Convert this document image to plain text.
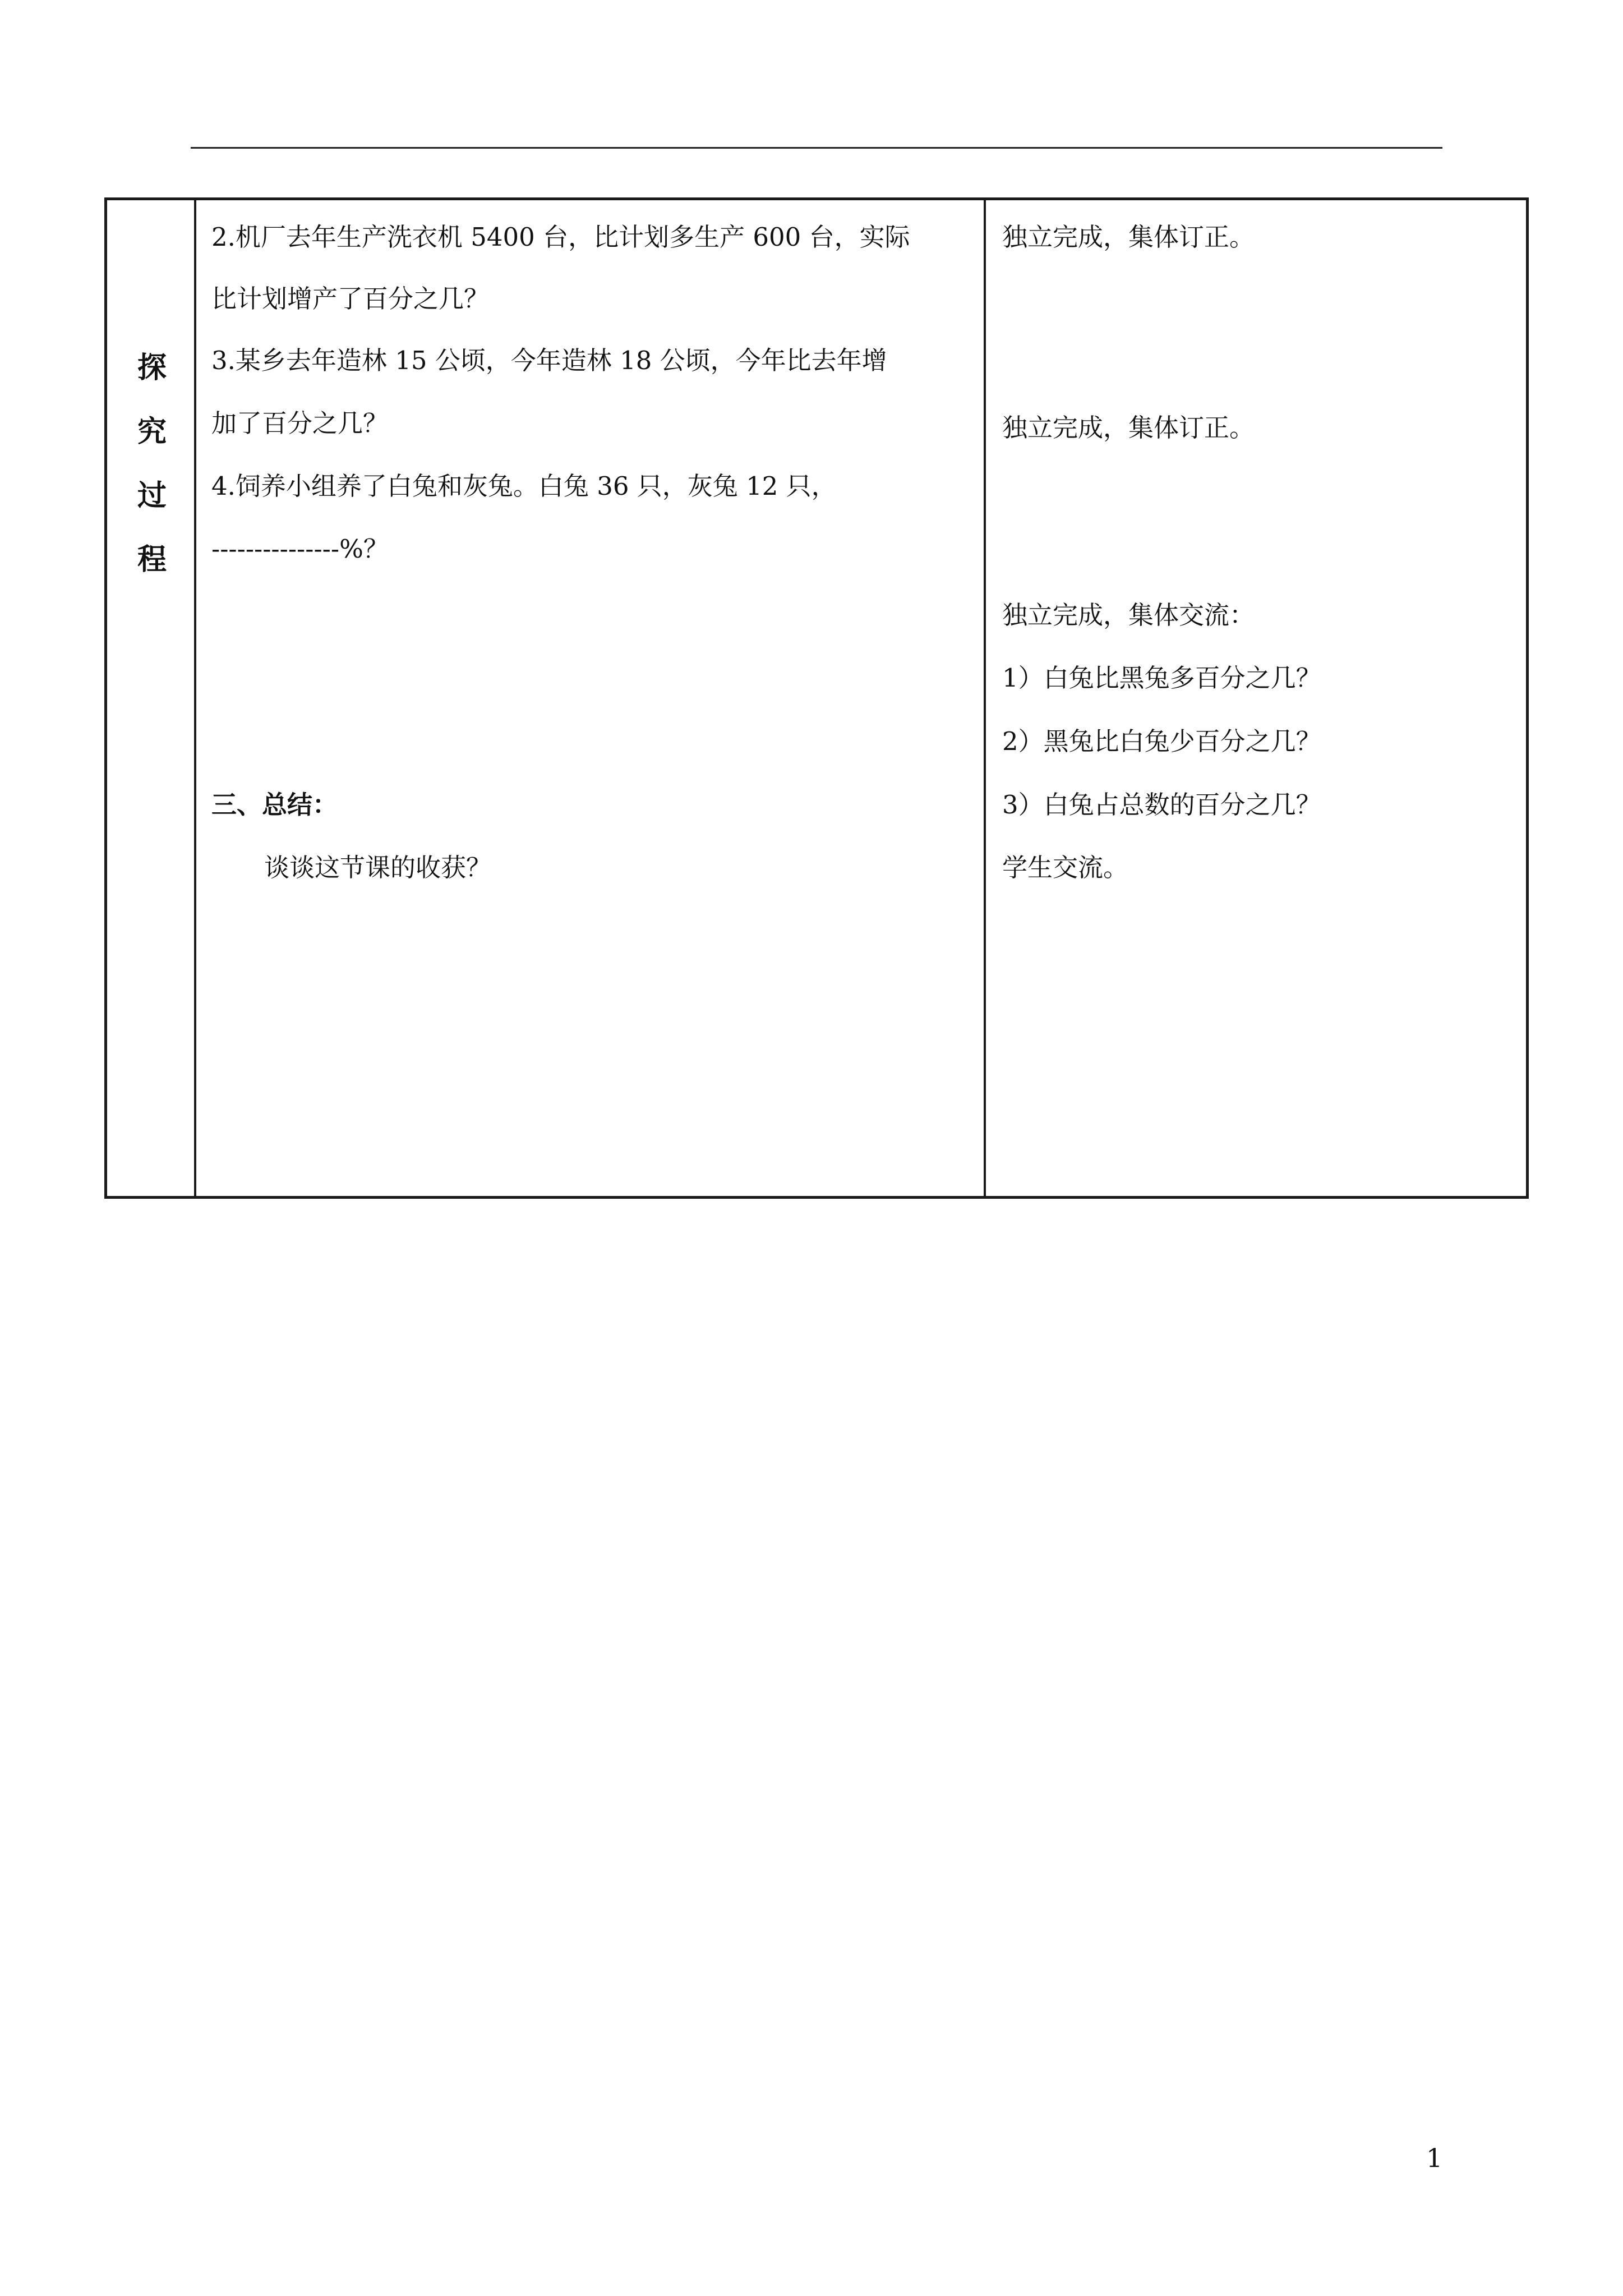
探
究
过
程
2.机厂去年生产洗衣机 5400 台，比计划多生产 600 台，实际
比计划增产了百分之几？
3.某乡去年造林 15 公顷，今年造林 18 公顷，今年比去年增
加了百分之几？
4.饲养小组养了白兔和灰兔。白兔 36 只，灰兔 12 只，
---------------%？
三、总结：
谈谈这节课的收获？
独立完成，集体订正。
独立完成，集体订正。
独立完成，集体交流：
1）白兔比黑兔多百分之几？
2）黑兔比白兔少百分之几？
3）白兔占总数的百分之几？
学生交流。
1
